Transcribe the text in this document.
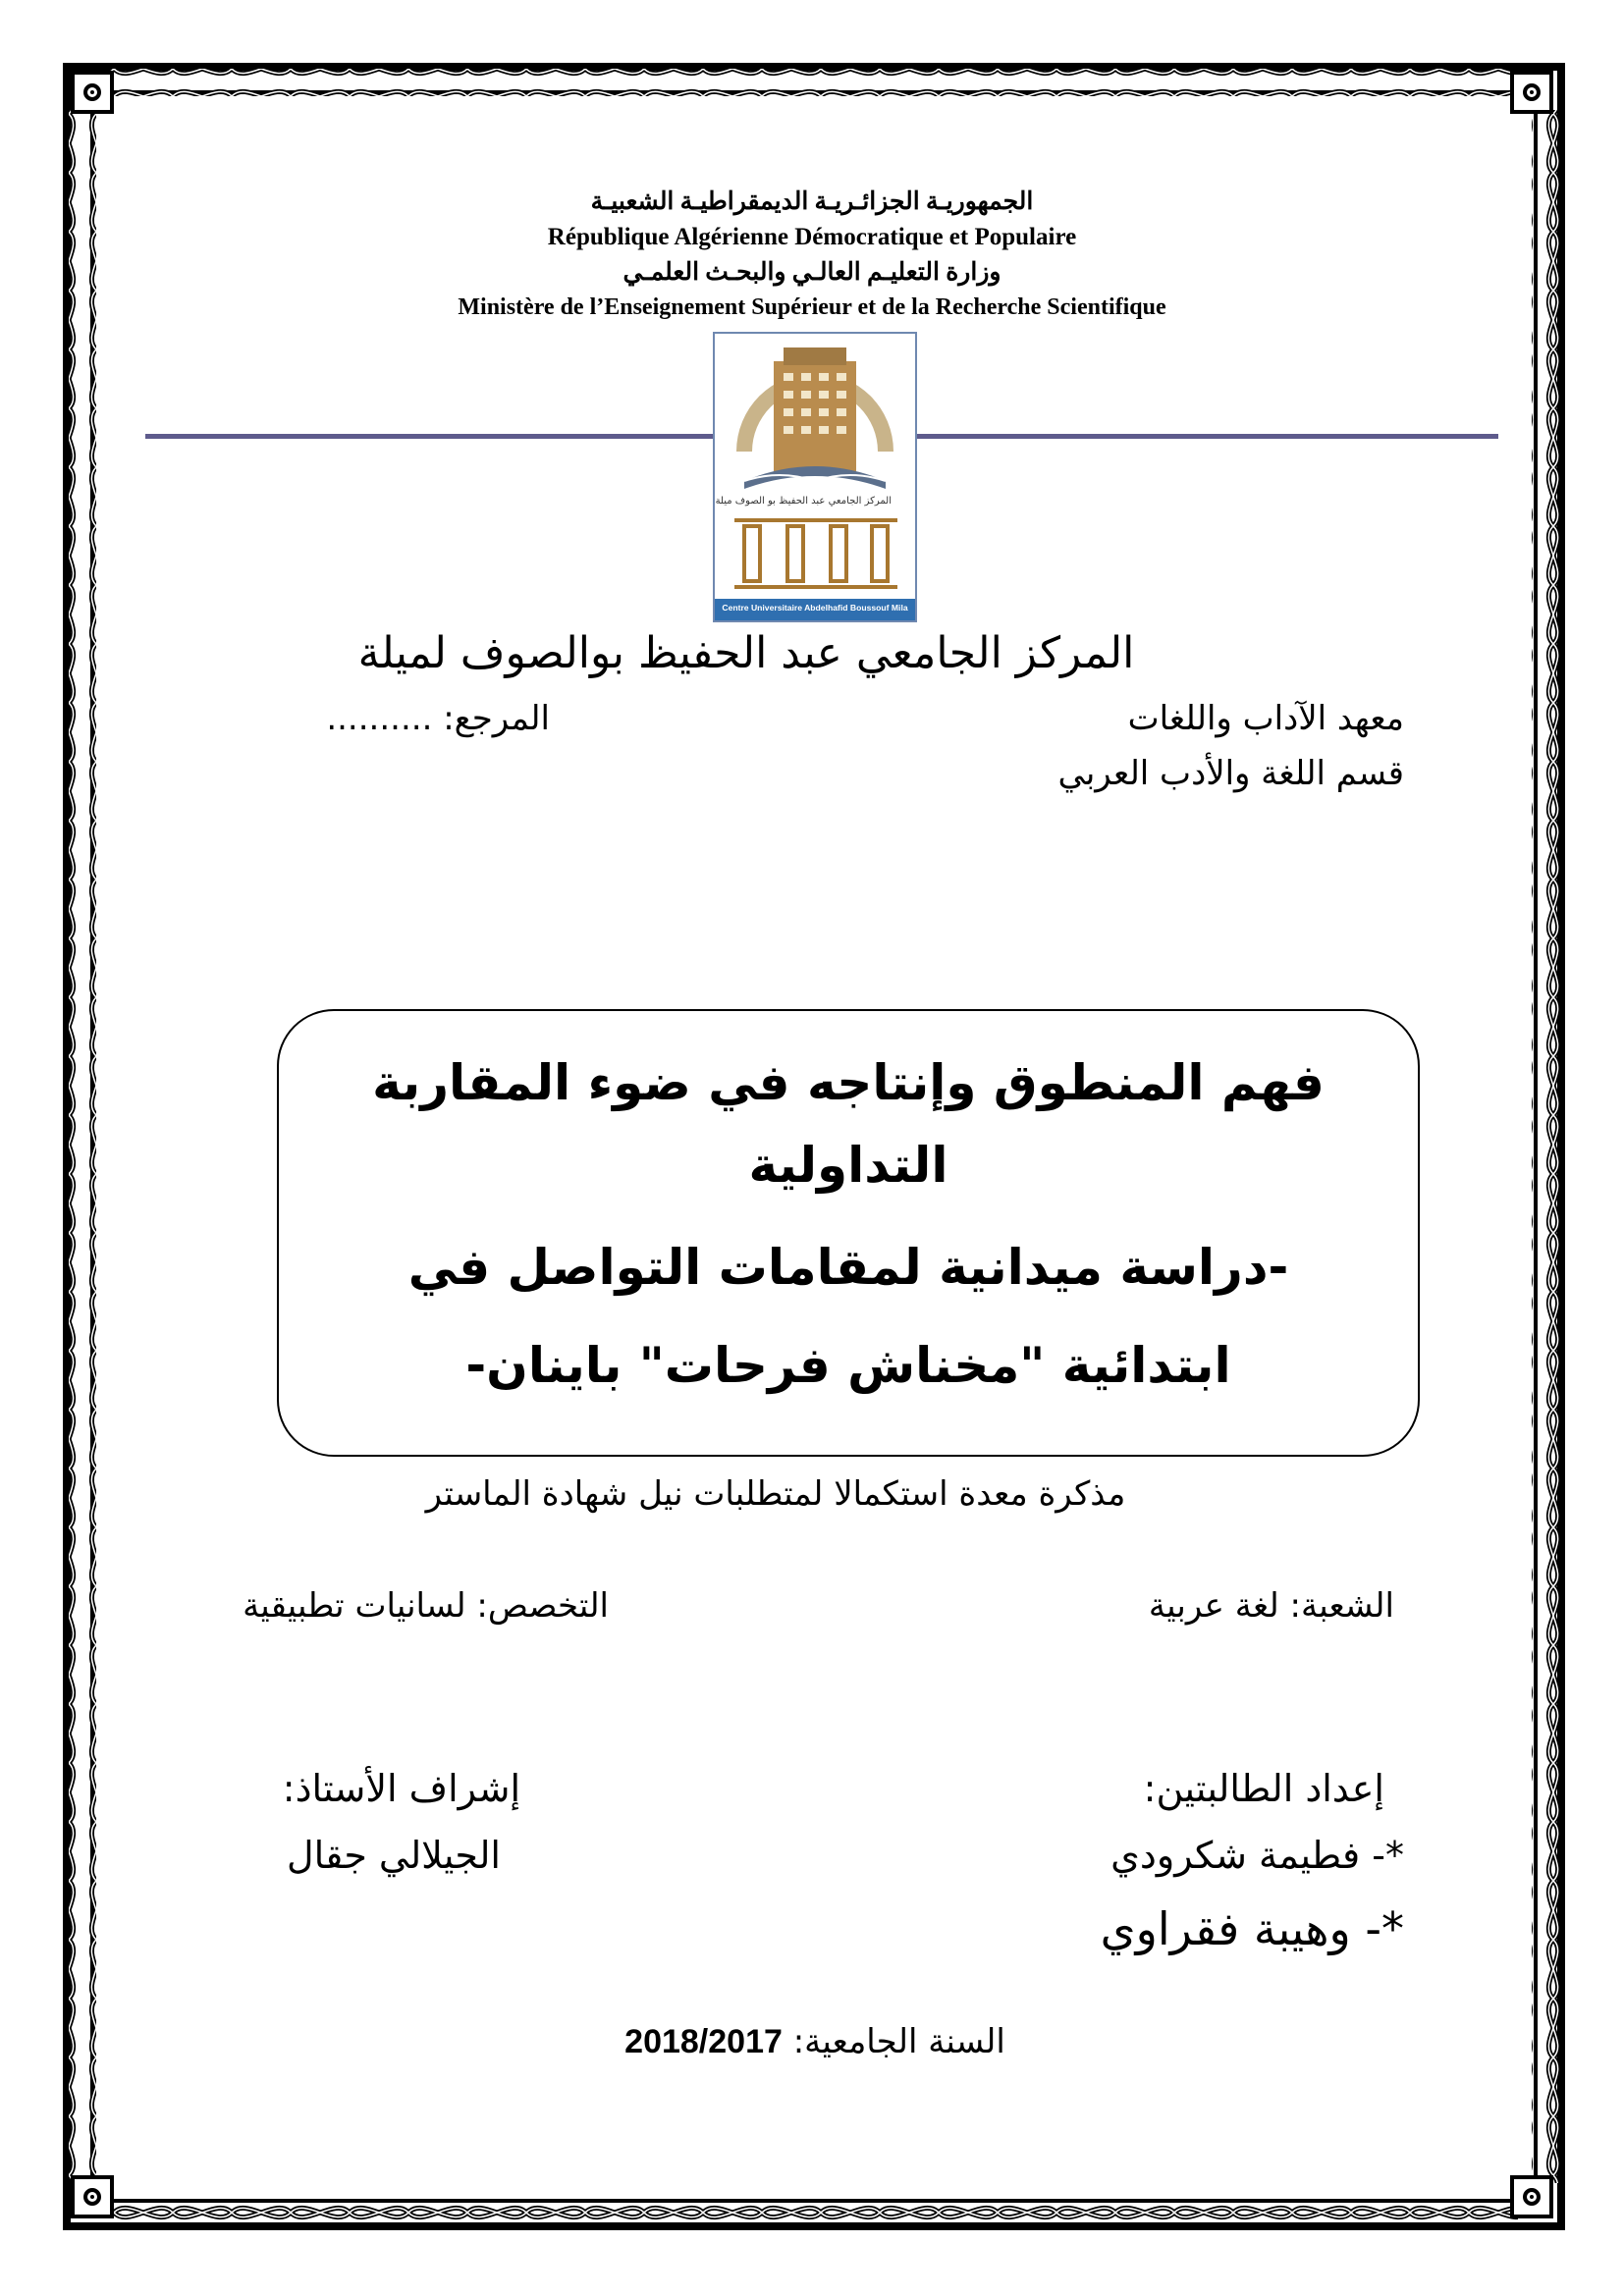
الجمهوريـة الجزائـريـة الديمقراطيـة الشعبيـة
République Algérienne Démocratique et Populaire
وزارة التعليـم العالـي والبحـث العلمـي
Ministère de l’Enseignement Supérieur et de la Recherche Scientifique
المركز الجامعي عبد الحفيظ بو الصوف ميلة
Centre Universitaire Abdelhafid Boussouf Mila
المركز الجامعي عبد الحفيظ بوالصوف لميلة
معهد الآداب واللغات
المرجع: ..........
قسم اللغة والأدب العربي
فهم المنطوق وإنتاجه في ضوء المقاربة
التداولية
-دراسة ميدانية لمقامات التواصل في
ابتدائية "مخناش فرحات" باينان-
مذكرة معدة استكمالا لمتطلبات نيل شهادة الماستر
الشعبة: لغة عربية
التخصص: لسانيات تطبيقية
إعداد الطالبتين:
*- فطيمة شكرودي
*- وهيبة فقراوي
إشراف الأستاذ:
الجيلالي جقال
السنة الجامعية: 2018/2017
